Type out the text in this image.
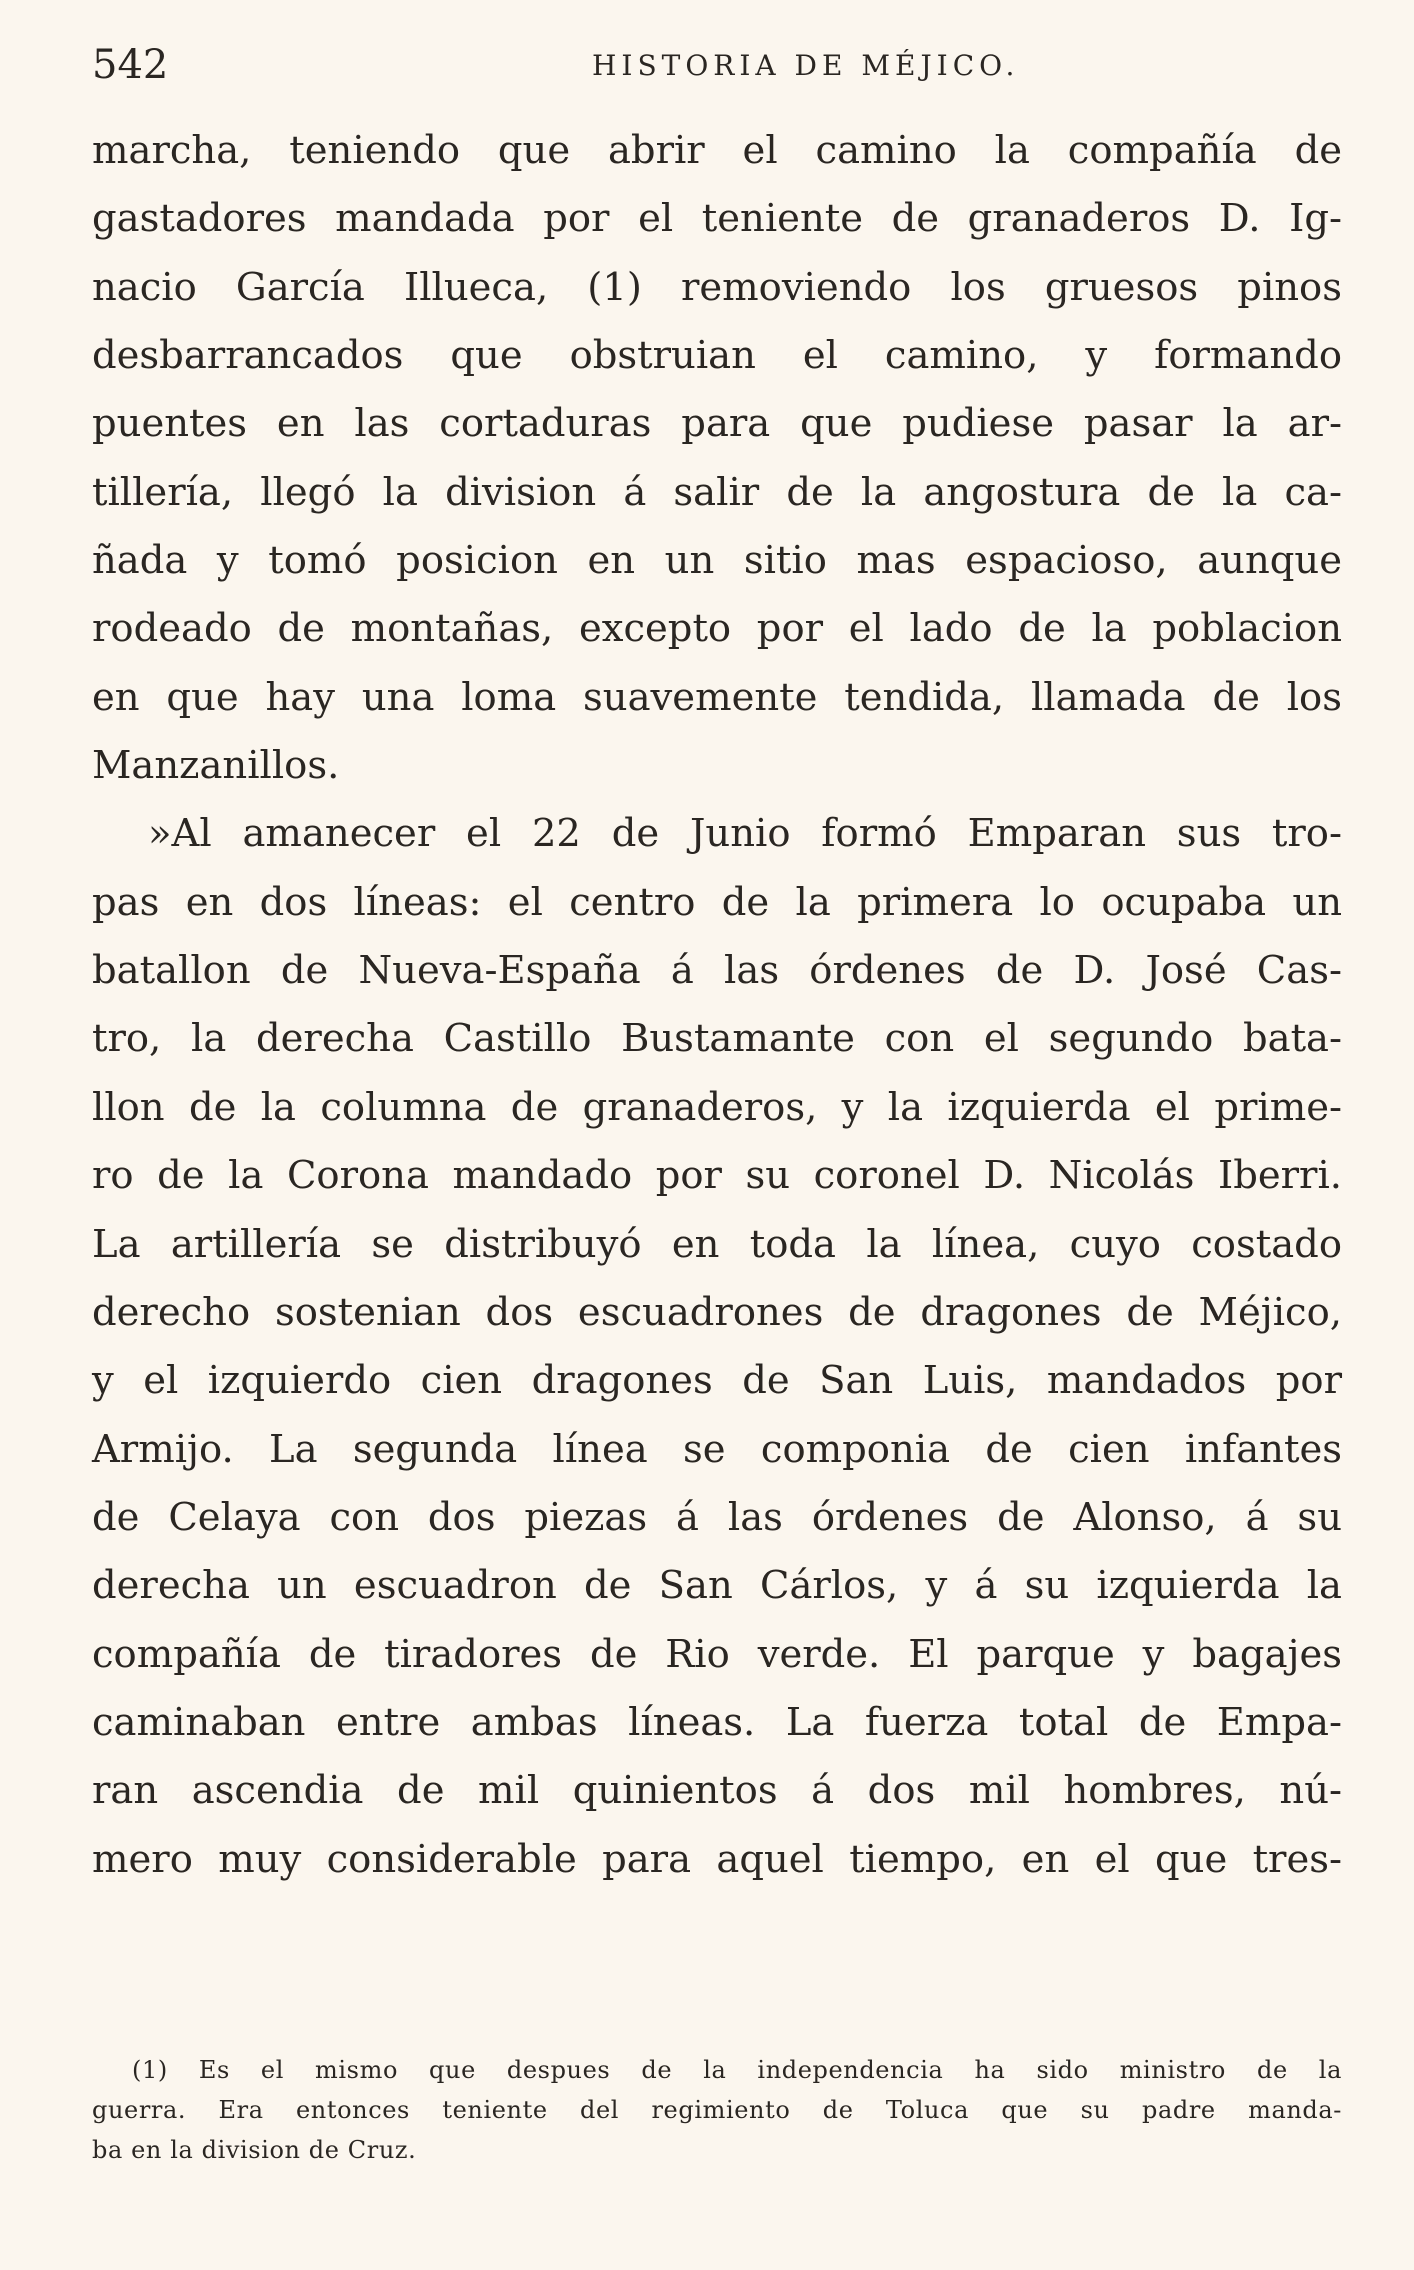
542	HISTORIA DE MÉJICO.
marcha, teniendo que abrir el camino la compañía de
gastadores mandada por el teniente de granaderos D. Ig-
nacio García Illueca, (1) removiendo los gruesos pinos
desbarrancados que obstruian el camino, y formando
puentes en las cortaduras para que pudiese pasar la ar-
tillería, llegó la division á salir de la angostura de la ca-
ñada y tomó posicion en un sitio mas espacioso, aunque
rodeado de montañas, excepto por el lado de la poblacion
en que hay una loma suavemente tendida, llamada de los
Manzanillos.
»Al amanecer el 22 de Junio formó Emparan sus tro-
pas en dos líneas: el centro de la primera lo ocupaba un
batallon de Nueva-España á las órdenes de D. José Cas-
tro, la derecha Castillo Bustamante con el segundo bata-
llon de la columna de granaderos, y la izquierda el prime-
ro de la Corona mandado por su coronel D. Nicolás Iberri.
La artillería se distribuyó en toda la línea, cuyo costado
derecho sostenian dos escuadrones de dragones de Méjico,
y el izquierdo cien dragones de San Luis, mandados por
Armijo. La segunda línea se componia de cien infantes
de Celaya con dos piezas á las órdenes de Alonso, á su
derecha un escuadron de San Cárlos, y á su izquierda la
compañía de tiradores de Rio verde. El parque y bagajes
caminaban entre ambas líneas. La fuerza total de Empa-
ran ascendia de mil quinientos á dos mil hombres, nú-
mero muy considerable para aquel tiempo, en el que tres-
(1) Es el mismo que despues de la independencia ha sido ministro de la
guerra. Era entonces teniente del regimiento de Toluca que su padre manda-
ba en la division de Cruz.
